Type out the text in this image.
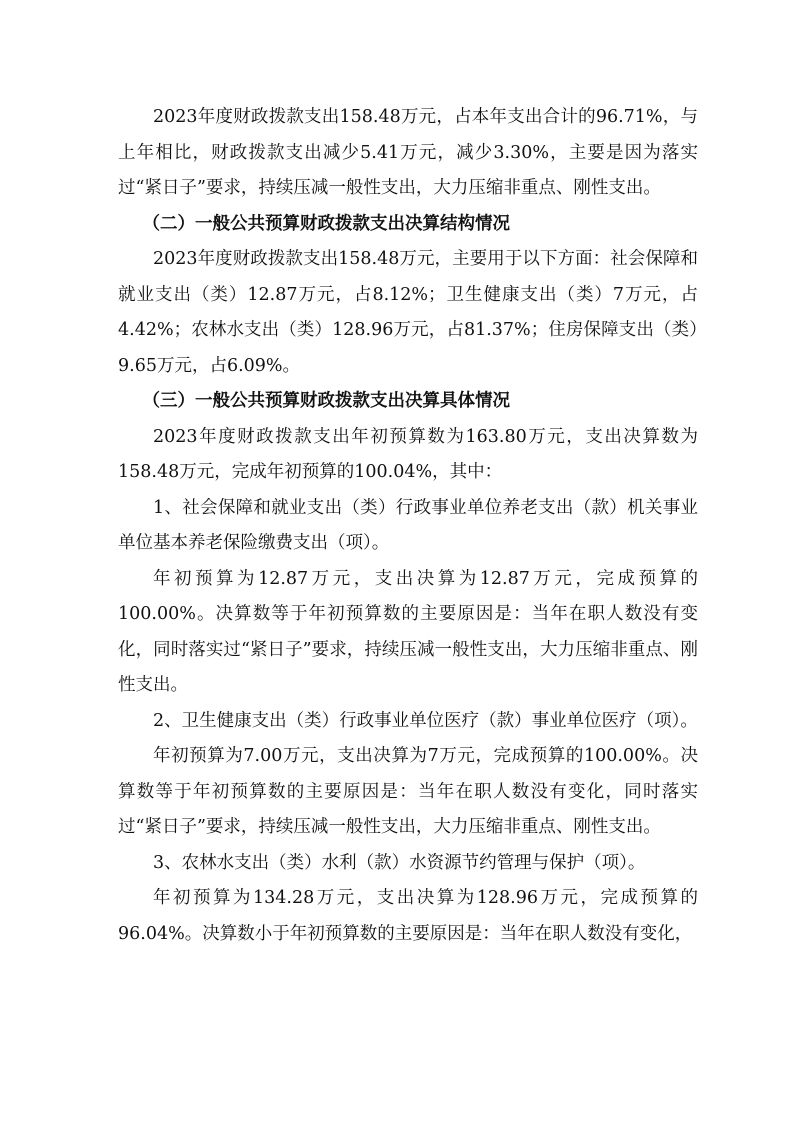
2023年度财政拨款支出158.48万元，占本年支出合计的96.71%，与上年相比，财政拨款支出减少5.41万元，减少3.30%，主要是因为落实过“紧日子”要求，持续压减一般性支出，大力压缩非重点、刚性支出。

（二）一般公共预算财政拨款支出决算结构情况

2023年度财政拨款支出158.48万元，主要用于以下方面：社会保障和就业支出（类）12.87万元，占8.12%；卫生健康支出（类）7万元，占4.42%；农林水支出（类）128.96万元，占81.37%；住房保障支出（类）9.65万元，占6.09%。

（三）一般公共预算财政拨款支出决算具体情况

2023年度财政拨款支出年初预算数为163.80万元，支出决算数为158.48万元，完成年初预算的100.04%，其中：

1、社会保障和就业支出（类）行政事业单位养老支出（款）机关事业单位基本养老保险缴费支出（项）。

年初预算为12.87万元，支出决算为12.87万元，完成预算的100.00%。决算数等于年初预算数的主要原因是：当年在职人数没有变化，同时落实过“紧日子”要求，持续压减一般性支出，大力压缩非重点、刚性支出。

2、卫生健康支出（类）行政事业单位医疗（款）事业单位医疗（项）。

年初预算为7.00万元，支出决算为7万元，完成预算的100.00%。决算数等于年初预算数的主要原因是：当年在职人数没有变化，同时落实过“紧日子”要求，持续压减一般性支出，大力压缩非重点、刚性支出。

3、农林水支出（类）水利（款）水资源节约管理与保护（项）。

年初预算为134.28万元，支出决算为128.96万元，完成预算的96.04%。决算数小于年初预算数的主要原因是：当年在职人数没有变化，
